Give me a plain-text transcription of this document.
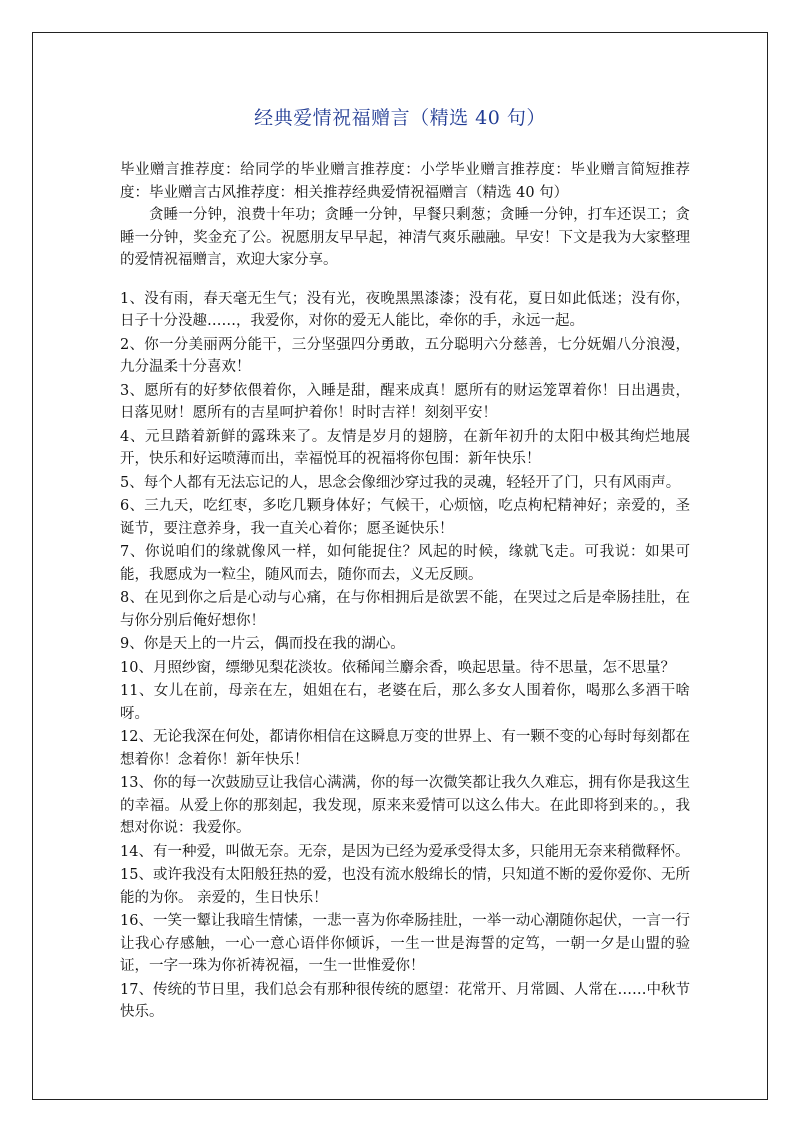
经典爱情祝福赠言（精选 40 句）

毕业赠言推荐度：给同学的毕业赠言推荐度：小学毕业赠言推荐度：毕业赠言简短推荐度：毕业赠言古风推荐度：相关推荐经典爱情祝福赠言（精选 40 句）

贪睡一分钟，浪费十年功；贪睡一分钟，早餐只剩葱；贪睡一分钟，打车还误工；贪睡一分钟，奖金充了公。祝愿朋友早早起，神清气爽乐融融。早安！下文是我为大家整理的爱情祝福赠言，欢迎大家分享。

1、没有雨，春天毫无生气；没有光，夜晚黑黑漆漆；没有花，夏日如此低迷；没有你，日子十分没趣……，我爱你，对你的爱无人能比，牵你的手，永远一起。

2、你一分美丽两分能干，三分坚强四分勇敢，五分聪明六分慈善，七分妩媚八分浪漫，九分温柔十分喜欢！

3、愿所有的好梦依偎着你，入睡是甜，醒来成真！愿所有的财运笼罩着你！日出遇贵，日落见财！愿所有的吉星呵护着你！时时吉祥！刻刻平安！

4、元旦踏着新鲜的露珠来了。友情是岁月的翅膀，在新年初升的太阳中极其绚烂地展开，快乐和好运喷薄而出，幸福悦耳的祝福将你包围：新年快乐！

5、每个人都有无法忘记的人，思念会像细沙穿过我的灵魂，轻轻开了门，只有风雨声。

6、三九天，吃红枣，多吃几颗身体好；气候干，心烦恼，吃点枸杞精神好；亲爱的，圣诞节，要注意养身，我一直关心着你；愿圣诞快乐！

7、你说咱们的缘就像风一样，如何能捉住？风起的时候，缘就飞走。可我说：如果可能，我愿成为一粒尘，随风而去，随你而去，义无反顾。

8、在见到你之后是心动与心痛，在与你相拥后是欲罢不能，在哭过之后是牵肠挂肚，在与你分别后俺好想你！

9、你是天上的一片云，偶而投在我的湖心。

10、月照纱窗，缥缈见梨花淡妆。依稀闻兰麝余香，唤起思量。待不思量，怎不思量？

11、女儿在前，母亲在左，姐姐在右，老婆在后，那么多女人围着你，喝那么多酒干啥呀。

12、无论我深在何处，都请你相信在这瞬息万变的世界上、有一颗不变的心每时每刻都在想着你！念着你！新年快乐！

13、你的每一次鼓励豆让我信心满满，你的每一次微笑都让我久久难忘，拥有你是我这生的幸福。从爱上你的那刻起，我发现，原来来爱情可以这么伟大。在此即将到来的。，我想对你说：我爱你。

14、有一种爱，叫做无奈。无奈，是因为已经为爱承受得太多，只能用无奈来稍微释怀。

15、或许我没有太阳般狂热的爱，也没有流水般绵长的情，只知道不断的爱你爱你、无所能的为你。 亲爱的，生日快乐！

16、一笑一颦让我暗生情愫，一悲一喜为你牵肠挂肚，一举一动心潮随你起伏，一言一行让我心存感触，一心一意心语伴你倾诉，一生一世是海誓的定笃，一朝一夕是山盟的验证，一字一珠为你祈祷祝福，一生一世惟爱你！

17、传统的节日里，我们总会有那种很传统的愿望：花常开、月常圆、人常在……中秋节快乐。
